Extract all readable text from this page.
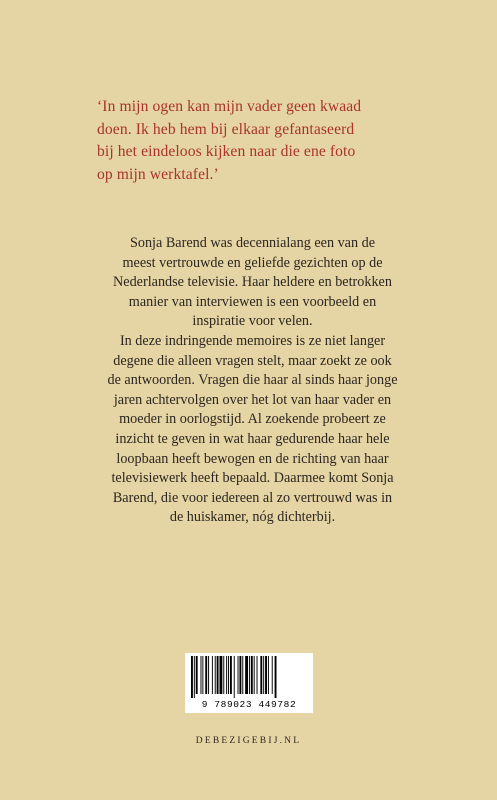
‘In mijn ogen kan mijn vader geen kwaad
doen. Ik heb hem bij elkaar gefantaseerd
bij het eindeloos kijken naar die ene foto
op mijn werktafel.’
Sonja Barend was decennialang een van de
meest vertrouwde en geliefde gezichten op de
Nederlandse televisie. Haar heldere en betrokken
manier van interviewen is een voorbeeld en
inspiratie voor velen.
In deze indringende memoires is ze niet langer
degene die alleen vragen stelt, maar zoekt ze ook
de antwoorden. Vragen die haar al sinds haar jonge
jaren achtervolgen over het lot van haar vader en
moeder in oorlogstijd. Al zoekende probeert ze
inzicht te geven in wat haar gedurende haar hele
loopbaan heeft bewogen en de richting van haar
televisiewerk heeft bepaald. Daarmee komt Sonja
Barend, die voor iedereen al zo vertrouwd was in
de huiskamer, nóg dichterbij.
9 789023 449782
DEBEZIGEBIJ.NL
